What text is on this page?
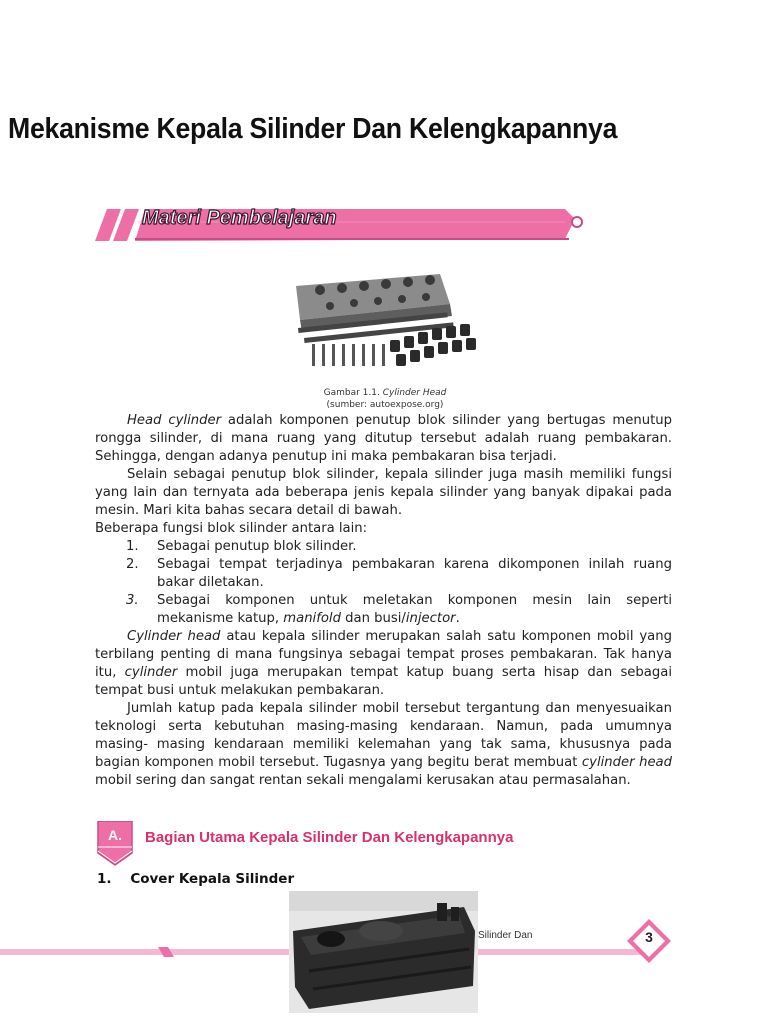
Mekanisme Kepala Silinder Dan Kelengkapannya
Materi Pembelajaran
Gambar 1.1. Cylinder Head
(sumber: autoexpose.org)

Head cylinder adalah komponen penutup blok silinder yang bertugas menutup rongga silinder, di mana ruang yang ditutup tersebut adalah ruang pembakaran. Sehingga, dengan adanya penutup ini maka pembakaran bisa terjadi.

Selain sebagai penutup blok silinder, kepala silinder juga masih memiliki fungsi yang lain dan ternyata ada beberapa jenis kepala silinder yang banyak dipakai pada mesin. Mari kita bahas secara detail di bawah.

Beberapa fungsi blok silinder antara lain:

1. Sebagai penutup blok silinder.
2. Sebagai tempat terjadinya pembakaran karena dikomponen inilah ruang bakar diletakan.
3. Sebagai komponen untuk meletakan komponen mesin lain seperti mekanisme katup, manifold dan busi/injector.

Cylinder head atau kepala silinder merupakan salah satu komponen mobil yang terbilang penting di mana fungsinya sebagai tempat proses pembakaran. Tak hanya itu, cylinder mobil juga merupakan tempat katup buang serta hisap dan sebagai tempat busi untuk melakukan pembakaran.

Jumlah katup pada kepala silinder mobil tersebut tergantung dan menyesuaikan teknologi serta kebutuhan masing-masing kendaraan. Namun, pada umumnya masing- masing kendaraan memiliki kelemahan yang tak sama, khususnya pada bagian komponen mobil tersebut. Tugasnya yang begitu berat membuat cylinder head mobil sering dan sangat rentan sekali mengalami kerusakan atau permasalahan.

A. Bagian Utama Kepala Silinder Dan Kelengkapannya
1.    Cover Kepala Silinder
Silinder Dan	3
